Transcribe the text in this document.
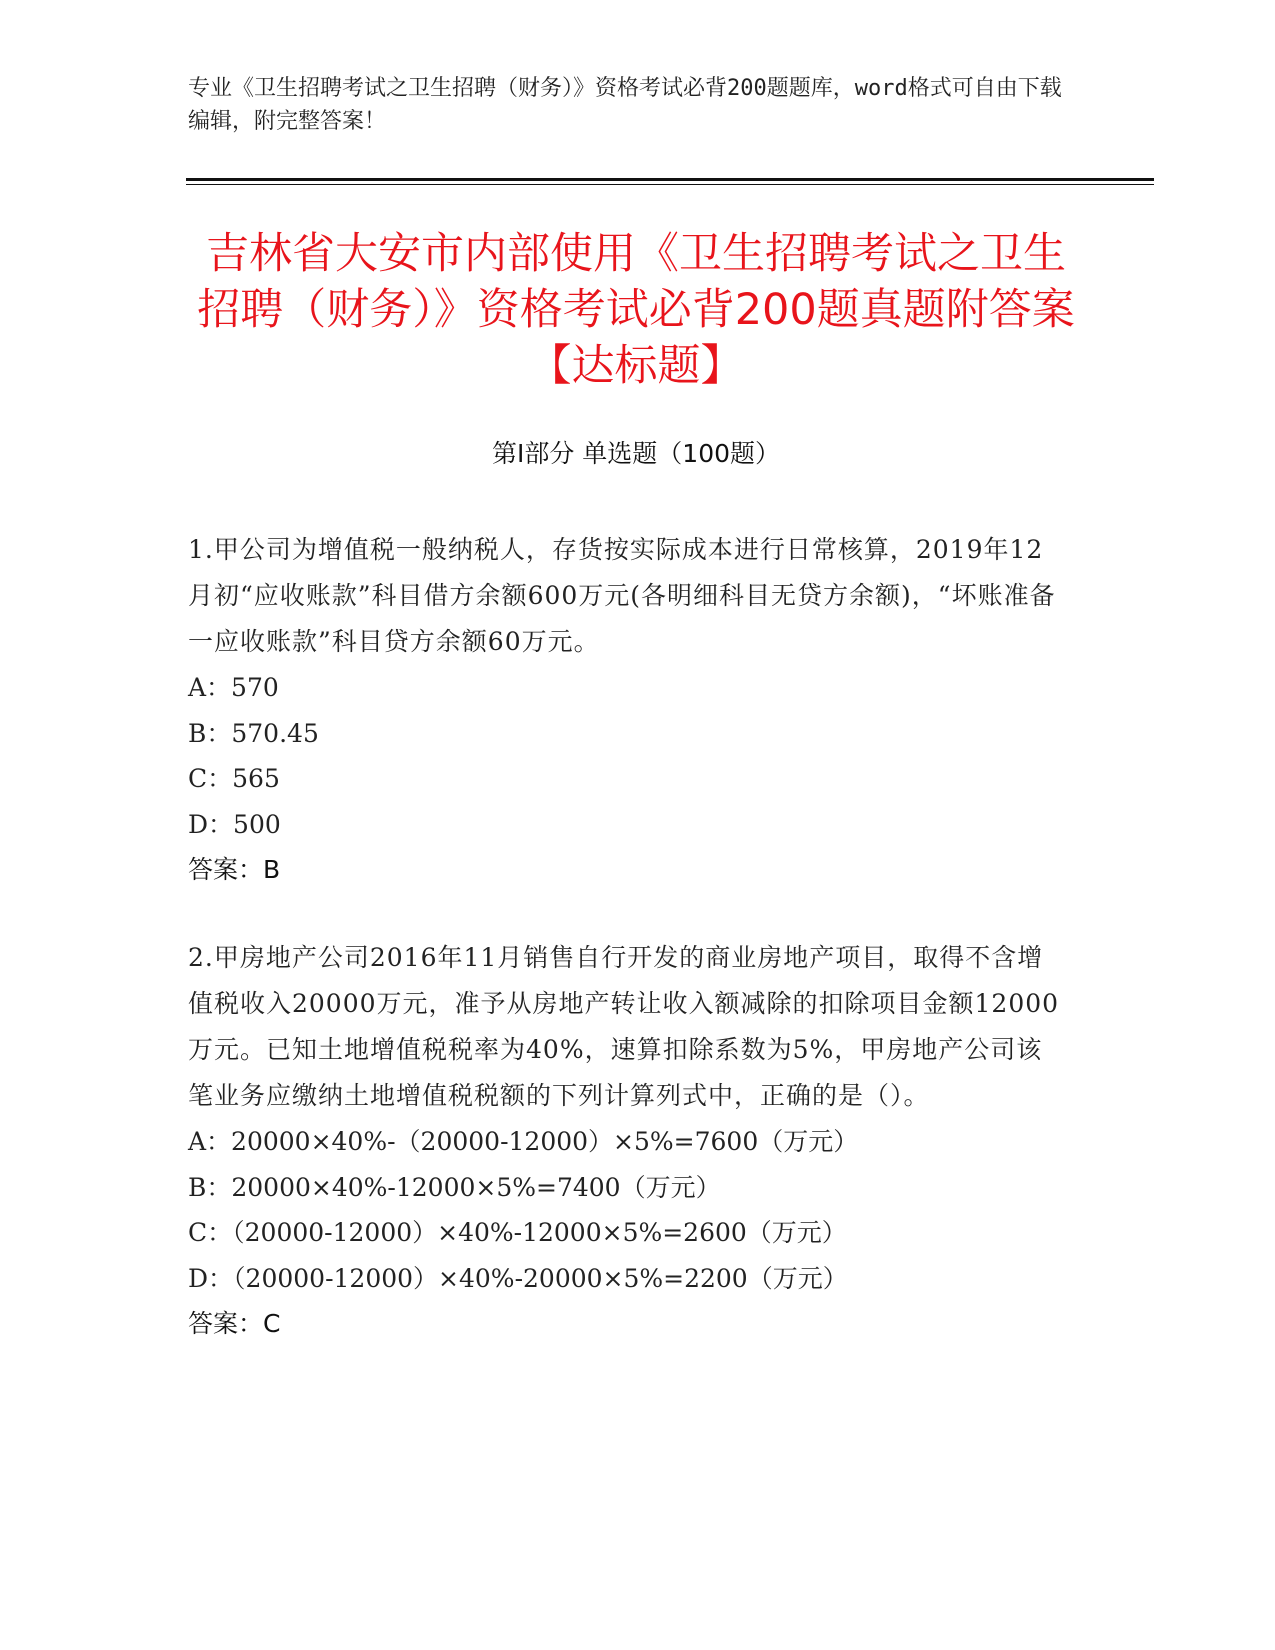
专业《卫生招聘考试之卫生招聘（财务）》资格考试必背200题题库，word格式可自由下载编辑，附完整答案！
吉林省大安市内部使用《卫生招聘考试之卫生招聘（财务）》资格考试必背200题真题附答案【达标题】
第I部分 单选题（100题）
1.甲公司为增值税一般纳税人，存货按实际成本进行日常核算，2019年12月初“应收账款”科目借方余额600万元(各明细科目无贷方余额)，“坏账准备一应收账款”科目贷方余额60万元。
A：570
B：570.45
C：565
D：500
答案：B
2.甲房地产公司2016年11月销售自行开发的商业房地产项目，取得不含增值税收入20000万元，准予从房地产转让收入额减除的扣除项目金额12000万元。已知土地增值税税率为40%，速算扣除系数为5%，甲房地产公司该笔业务应缴纳土地增值税税额的下列计算列式中，正确的是（）。
A：20000×40%-（20000-12000）×5%=7600（万元）
B：20000×40%-12000×5%=7400（万元）
C：（20000-12000）×40%-12000×5%=2600（万元）
D：（20000-12000）×40%-20000×5%=2200（万元）
答案：C
